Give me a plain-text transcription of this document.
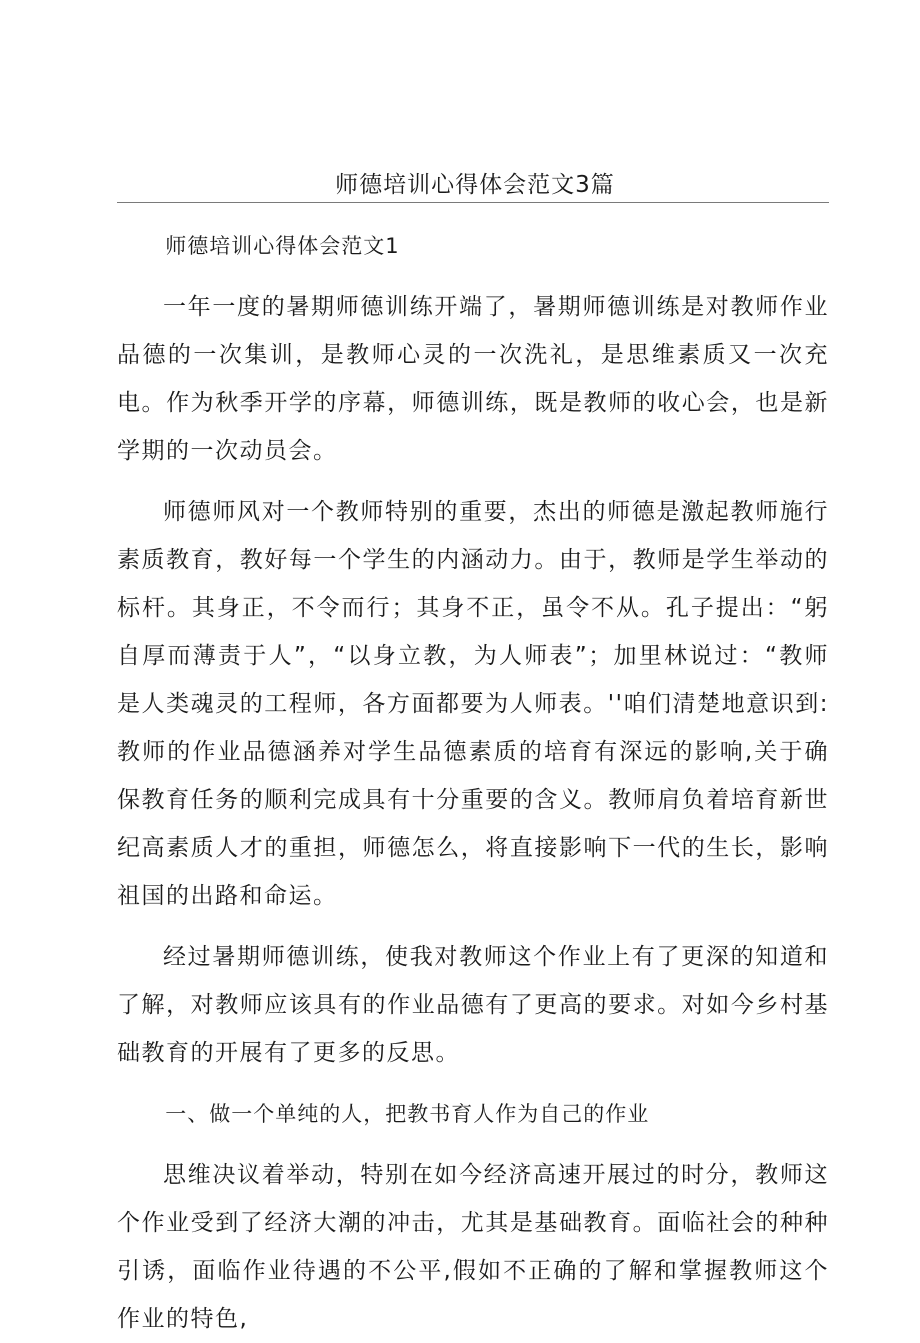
师德培训心得体会范文3篇

师德培训心得体会范文1

一年一度的暑期师德训练开端了，暑期师德训练是对教师作业品德的一次集训，是教师心灵的一次洗礼，是思维素质又一次充电。作为秋季开学的序幕，师德训练，既是教师的收心会，也是新学期的一次动员会。

师德师风对一个教师特别的重要，杰出的师德是激起教师施行素质教育，教好每一个学生的内涵动力。由于，教师是学生举动的标杆。其身正，不令而行；其身不正，虽令不从。孔子提出：“躬自厚而薄责于人”，“以身立教，为人师表”；加里林说过：“教师是人类魂灵的工程师，各方面都要为人师表。''咱们清楚地意识到:教师的作业品德涵养对学生品德素质的培育有深远的影响,关于确保教育任务的顺利完成具有十分重要的含义。教师肩负着培育新世纪高素质人才的重担，师德怎么，将直接影响下一代的生长，影响祖国的出路和命运。

经过暑期师德训练，使我对教师这个作业上有了更深的知道和了解，对教师应该具有的作业品德有了更高的要求。对如今乡村基础教育的开展有了更多的反思。

一、做一个单纯的人，把教书育人作为自己的作业

思维决议着举动，特别在如今经济高速开展过的时分，教师这个作业受到了经济大潮的冲击，尤其是基础教育。面临社会的种种引诱，面临作业待遇的不公平,假如不正确的了解和掌握教师这个作业的特色,
